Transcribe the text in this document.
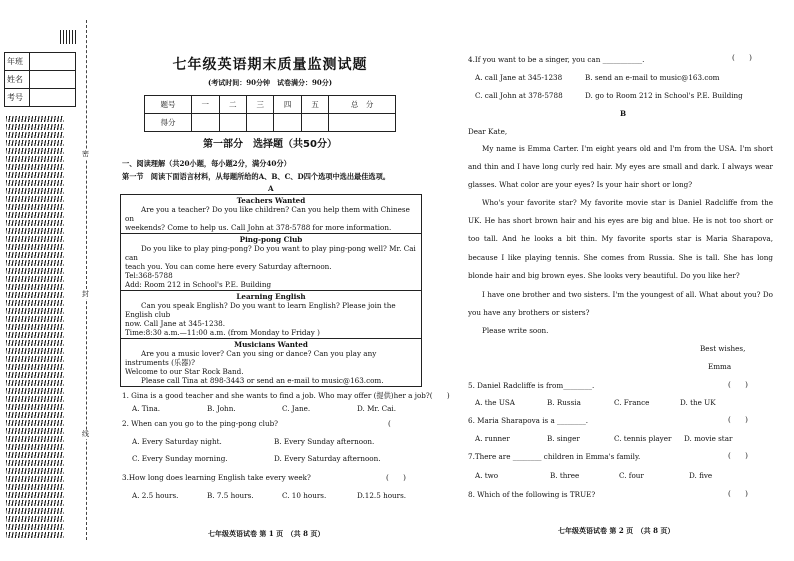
年班	
姓名	
考号	
密
封
线
七年级英语期末质量监测试题
(考试时间：90分钟　试卷满分：90分)
题号	一	二	三	四	五	总　分
得分						
第一部分　选择题（共50分）
一、阅读理解（共20小题，每小题2分，满分40分）
第一节　阅读下面语言材料，从每题所给的A、B、C、D四个选项中选出最佳选项。
A
Teachers Wanted

Are you a teacher? Do you like children? Can you help them with Chinese on

weekends? Come to help us. Call John at 378-5788 for more information.

Ping-pong Club

Do you like to play ping-pong? Do you want to play ping-pong well? Mr. Cai can

teach you. You can come here every Saturday afternoon.

Tel:368-5788

Add: Room 212 in School's P.E. Building

Learning English

Can you speak English? Do you want to learn English? Please join the English club

now. Call Jane at 345-1238.

Time:8:30 a.m.—11:00 a.m. (from Monday to Friday )

Musicians Wanted

Are you a music lover? Can you sing or dance? Can you play any instruments (乐器)?

Welcome to our Star Rock Band.

Please call Tina at 898-3443 or send an e-mail to music@163.com.

1. Gina is a good teacher and she wants to find a job. Who may offer (提供)her a job?(　　)
A. Tina.	B. John.	C. Jane.	D. Mr. Cai.
2. When can you go to the ping-pong club?	(
A. Every Saturday night.	B. Every Sunday afternoon.
C. Every Sunday morning.	D. Every Saturday afternoon.
3.How long does learning English take every week?	(　　)
A. 2.5 hours.	B. 7.5 hours.	C. 10 hours.	D.12.5 hours.
七年级英语试卷 第 1 页　（共 8 页）
4.If you want to be a singer, you can ___________.	(　　)
A. call Jane at 345-1238	B. send an e-mail to music@163.com
C. call John at 378-5788	D. go to Room 212 in School's P.E. Building
B
Dear Kate,
My name is Emma Carter. I'm eight years old and I'm from the USA. I'm short and thin and I have long curly red hair. My eyes are small and dark. I always wear glasses. What color are your eyes? Is your hair short or long?
Who's your favorite star? My favorite movie star is Daniel Radcliffe from the UK. He has short brown hair and his eyes are big and blue. He is not too short or too tall. And he looks a bit thin. My favorite sports star is Maria Sharapova, because I like playing tennis. She comes from Russia. She is tall. She has long blonde hair and big brown eyes. She looks very beautiful. Do you like her?
I have one brother and two sisters. I'm the youngest of all. What about you? Do you have any brothers or sisters?
Please write soon.
Best wishes,
Emma
5. Daniel Radcliffe is from________.	(　　)
A. the USA	B. Russia	C. France	D. the UK
6. Maria Sharapova is a ________.	(　　)
A. runner	B. singer	C. tennis player	D. movie star
7.There are ________ children in Emma's family.	(　　)
A. two	B. three	C. four	D. five
8. Which of the following is TRUE?	(　　)
七年级英语试卷 第 2 页　（共 8 页）
